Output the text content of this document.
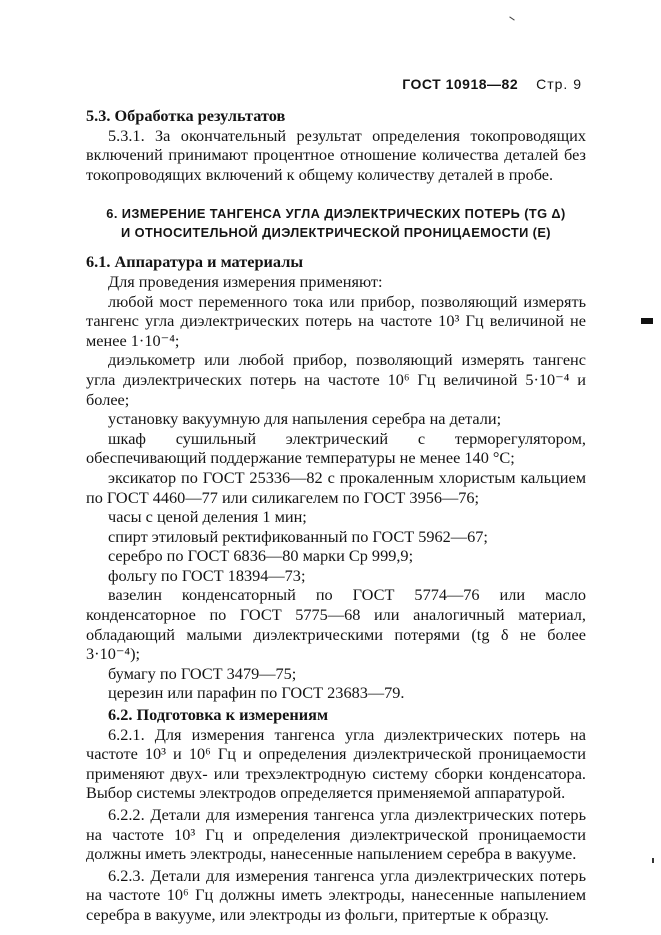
ГОСТ 10918—82 Стр. 9
5.3. Обработка результатов

5.3.1. За окончательный результат определения токопроводящих включений принимают процентное отношение количества деталей без токопроводящих включений к общему количеству деталей в пробе.

6. ИЗМЕРЕНИЕ ТАНГЕНСА УГЛА ДИЭЛЕКТРИЧЕСКИХ ПОТЕРЬ (TG Δ)
И ОТНОСИТЕЛЬНОЙ ДИЭЛЕКТРИЧЕСКОЙ ПРОНИЦАЕМОСТИ (Ε)
6.1. Аппаратура и материалы

Для проведения измерения применяют:

любой мост переменного тока или прибор, позволяющий измерять тангенс угла диэлектрических потерь на частоте 10³ Гц величиной не менее 1·10⁻⁴;

диэлькометр или любой прибор, позволяющий измерять тангенс угла диэлектрических потерь на частоте 10⁶ Гц величиной 5·10⁻⁴ и более;

установку вакуумную для напыления серебра на детали;

шкаф сушильный электрический с терморегулятором, обеспечивающий поддержание температуры не менее 140 °С;

эксикатор по ГОСТ 25336—82 с прокаленным хлористым кальцием по ГОСТ 4460—77 или силикагелем по ГОСТ 3956—76;

часы с ценой деления 1 мин;

спирт этиловый ректификованный по ГОСТ 5962—67;

серебро по ГОСТ 6836—80 марки Ср 999,9;

фольгу по ГОСТ 18394—73;

вазелин конденсаторный по ГОСТ 5774—76 или масло конденсаторное по ГОСТ 5775—68 или аналогичный материал, обладающий малыми диэлектрическими потерями (tg δ не более 3·10⁻⁴);

бумагу по ГОСТ 3479—75;

церезин или парафин по ГОСТ 23683—79.

6.2. Подготовка к измерениям

6.2.1. Для измерения тангенса угла диэлектрических потерь на частоте 10³ и 10⁶ Гц и определения диэлектрической проницаемости применяют двух- или трехэлектродную систему сборки конденсатора. Выбор системы электродов определяется применяемой аппаратурой.

6.2.2. Детали для измерения тангенса угла диэлектрических потерь на частоте 10³ Гц и определения диэлектрической проницаемости должны иметь электроды, нанесенные напылением серебра в вакууме.

6.2.3. Детали для измерения тангенса угла диэлектрических потерь на частоте 10⁶ Гц должны иметь электроды, нанесенные напылением серебра в вакууме, или электроды из фольги, притертые к образцу.
